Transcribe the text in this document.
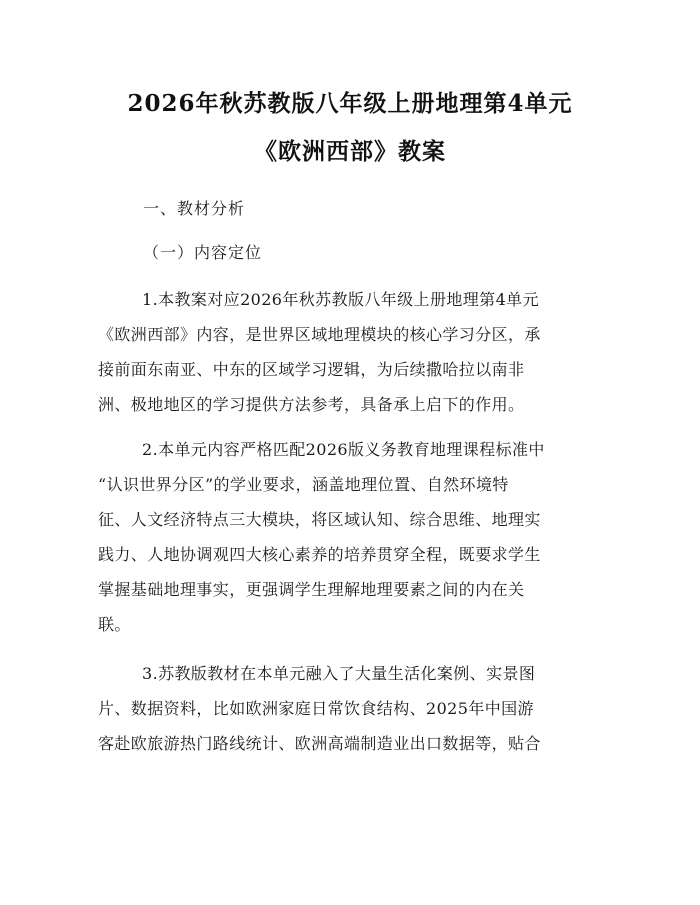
2026年秋苏教版八年级上册地理第4单元
《欧洲西部》教案
一、教材分析
（一）内容定位
1.本教案对应2026年秋苏教版八年级上册地理第4单元
《欧洲西部》内容，是世界区域地理模块的核心学习分区，承
接前面东南亚、中东的区域学习逻辑，为后续撒哈拉以南非
洲、极地地区的学习提供方法参考，具备承上启下的作用。
2.本单元内容严格匹配2026版义务教育地理课程标准中
“认识世界分区”的学业要求，涵盖地理位置、自然环境特
征、人文经济特点三大模块，将区域认知、综合思维、地理实
践力、人地协调观四大核心素养的培养贯穿全程，既要求学生
掌握基础地理事实，更强调学生理解地理要素之间的内在关
联。
3.苏教版教材在本单元融入了大量生活化案例、实景图
片、数据资料，比如欧洲家庭日常饮食结构、2025年中国游
客赴欧旅游热门路线统计、欧洲高端制造业出口数据等，贴合
